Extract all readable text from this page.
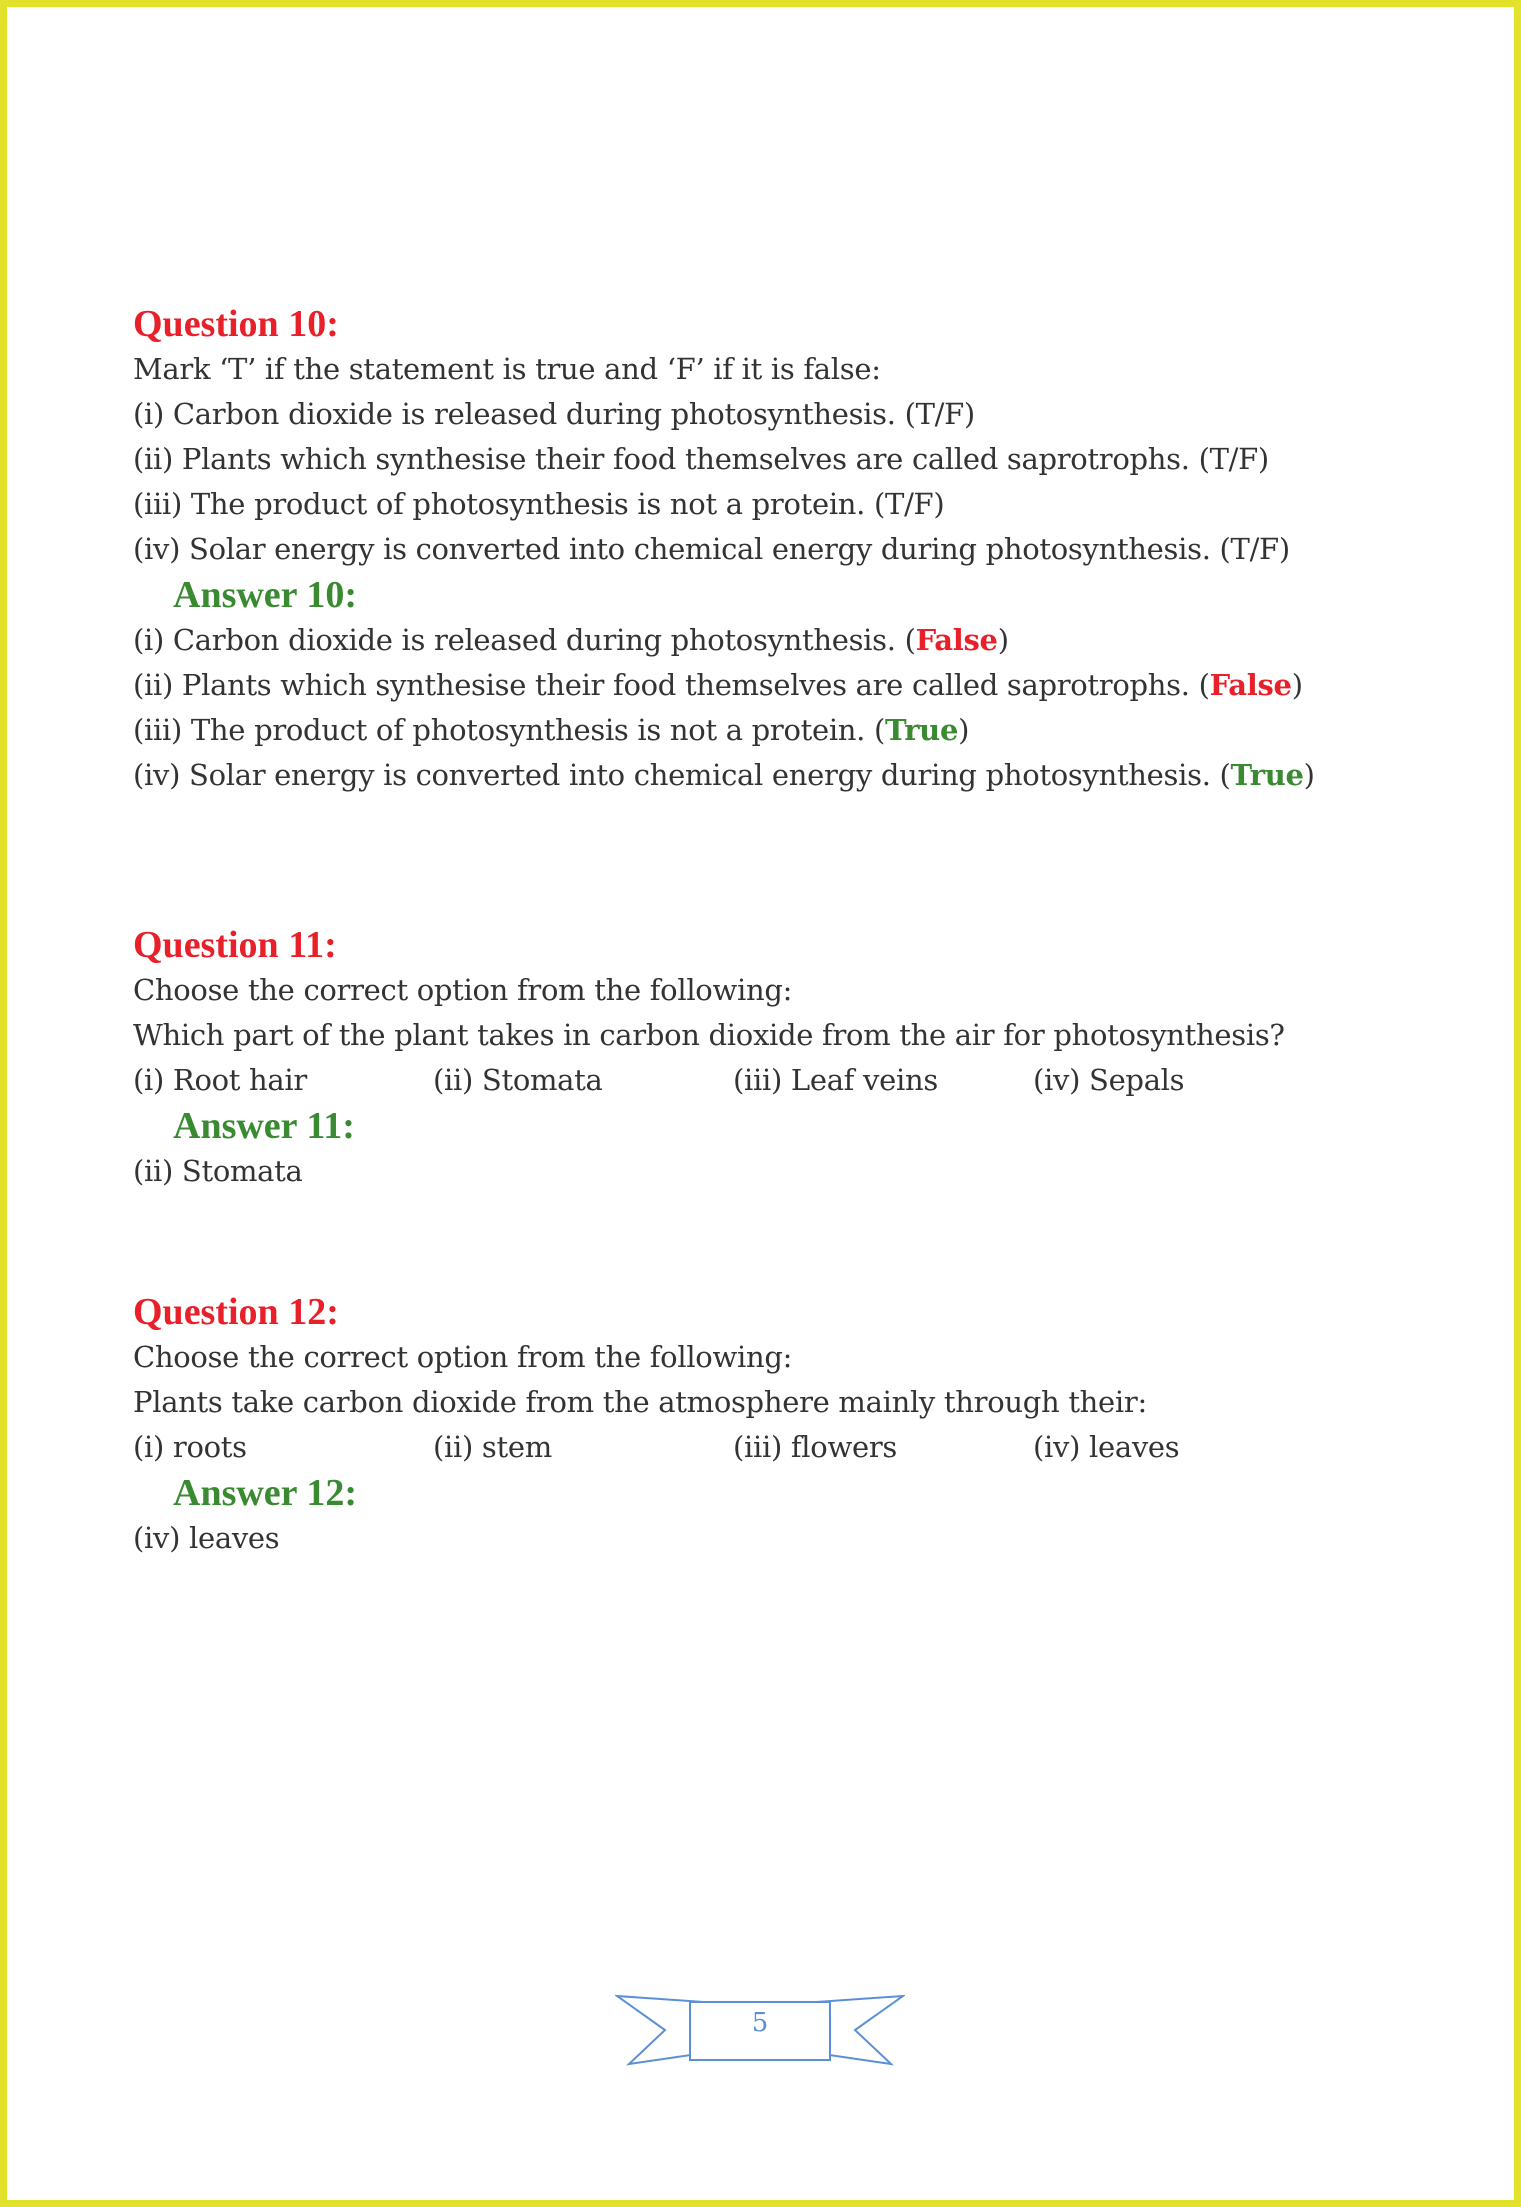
Question 10:
Mark ‘T’ if the statement is true and ‘F’ if it is false:
(i) Carbon dioxide is released during photosynthesis. (T/F)
(ii) Plants which synthesise their food themselves are called saprotrophs. (T/F)
(iii) The product of photosynthesis is not a protein. (T/F)
(iv) Solar energy is converted into chemical energy during photosynthesis. (T/F)
Answer 10:
(i) Carbon dioxide is released during photosynthesis. (False)
(ii) Plants which synthesise their food themselves are called saprotrophs. (False)
(iii) The product of photosynthesis is not a protein. (True)
(iv) Solar energy is converted into chemical energy during photosynthesis. (True)
Question 11:
Choose the correct option from the following:
Which part of the plant takes in carbon dioxide from the air for photosynthesis?
(i) Root hair	(ii) Stomata	(iii) Leaf veins	(iv) Sepals
Answer 11:
(ii) Stomata
Question 12:
Choose the correct option from the following:
Plants take carbon dioxide from the atmosphere mainly through their:
(i) roots	(ii) stem	(iii) flowers	(iv) leaves
Answer 12:
(iv) leaves
5
